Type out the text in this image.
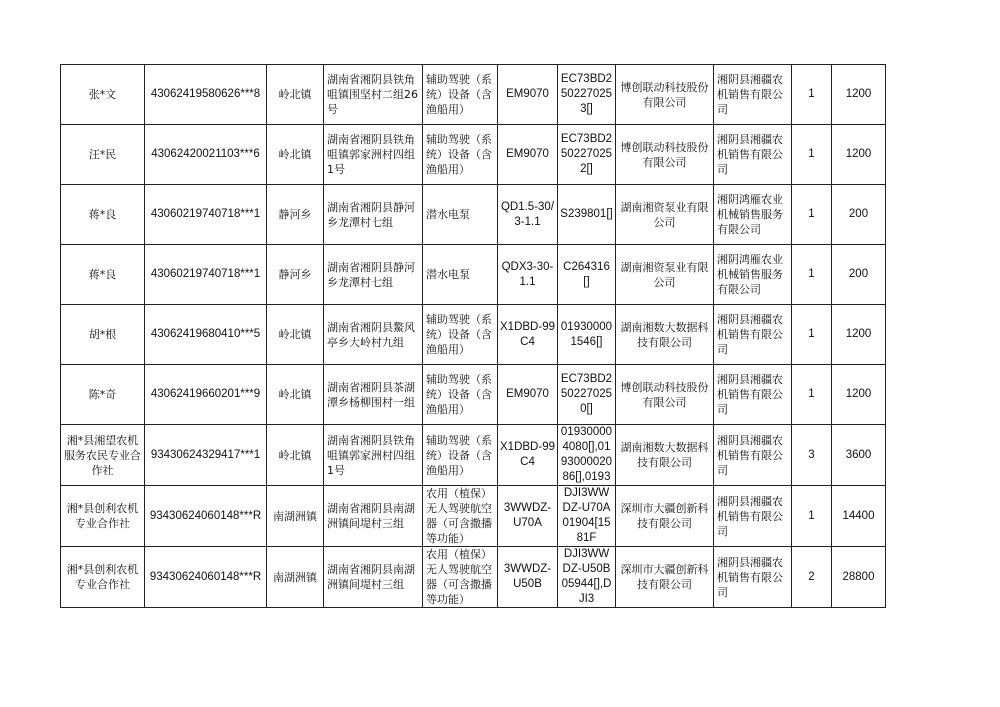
张*文	43062419580626***8	岭北镇	湖南省湘阴县铁角咀镇围坚村二组26号	辅助驾驶（系统）设备（含渔船用）	EM9070	EC73BD2502270253[]	博创联动科技股份有限公司	湘阴县湘疆农机销售有限公司	1	1200
汪*民	43062420021103***6	岭北镇	湖南省湘阴县铁角咀镇郭家洲村四组1号	辅助驾驶（系统）设备（含渔船用）	EM9070	EC73BD2502270252[]	博创联动科技股份有限公司	湘阴县湘疆农机销售有限公司	1	1200
蒋*良	43060219740718***1	静河乡	湖南省湘阴县静河乡龙潭村七组	潜水电泵	QD1.5-30/3-1.1	S239801[]	湖南湘资泵业有限公司	湘阴鸿雁农业机械销售服务有限公司	1	200
蒋*良	43060219740718***1	静河乡	湖南省湘阴县静河乡龙潭村七组	潜水电泵	QDX3-30-1.1	C264316[]	湖南湘资泵业有限公司	湘阴鸿雁农业机械销售服务有限公司	1	200
胡*根	43062419680410***5	岭北镇	湖南省湘阴县鰲风亭乡大岭村九组	辅助驾驶（系统）设备（含渔船用）	X1DBD-99C4	019300001546[]	湖南湘数大数据科技有限公司	湘阴县湘疆农机销售有限公司	1	1200
陈*奇	43062419660201***9	岭北镇	湖南省湘阴县茶湖潭乡杨柳围村一组	辅助驾驶（系统）设备（含渔船用）	EM9070	EC73BD2502270250[]	博创联动科技股份有限公司	湘阴县湘疆农机销售有限公司	1	1200
湘*县湘望农机服务农民专业合作社	93430624329417***1	岭北镇	湖南省湘阴县铁角咀镇郭家洲村四组1号	辅助驾驶（系统）设备（含渔船用）	X1DBD-99C4	019300004080[],019300002086[],0193	湖南湘数大数据科技有限公司	湘阴县湘疆农机销售有限公司	3	3600
湘*县创利农机专业合作社	93430624060148***R	南湖洲镇	湖南省湘阴县南湖洲镇间堤村三组	农用（植保）无人驾驶航空器（可含撒播等功能）	3WWDZ-U70A	DJI3WWDZ-U70A01904[1581F	深圳市大疆创新科技有限公司	湘阴县湘疆农机销售有限公司	1	14400
湘*县创利农机专业合作社	93430624060148***R	南湖洲镇	湖南省湘阴县南湖洲镇间堤村三组	农用（植保）无人驾驶航空器（可含撒播等功能）	3WWDZ-U50B	DJI3WWDZ-U50B05944[],DJI3	深圳市大疆创新科技有限公司	湘阴县湘疆农机销售有限公司	2	28800
